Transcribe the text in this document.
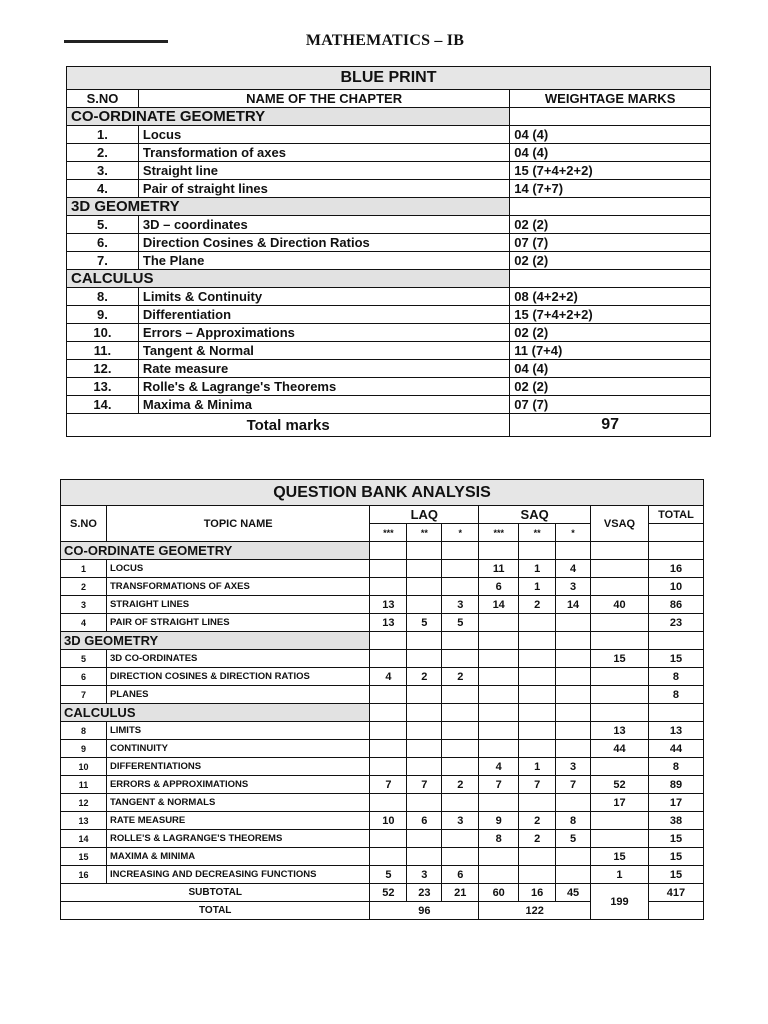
MATHEMATICS – IB
BLUE PRINT		
S.NO	NAME OF THE CHAPTER	WEIGHTAGE MARKS
CO-ORDINATE GEOMETRY		
1.	Locus	04 (4)
2.	Transformation of axes	04 (4)
3.	Straight line	15 (7+4+2+2)
4.	Pair of straight lines	14 (7+7)
3D GEOMETRY		
5.	3D – coordinates	02 (2)
6.	Direction Cosines & Direction Ratios	07 (7)
7.	The Plane	02 (2)
CALCULUS		
8.	Limits & Continuity	08 (4+2+2)
9.	Differentiation	15 (7+4+2+2)
10.	Errors – Approximations	02 (2)
11.	Tangent & Normal	11 (7+4)
12.	Rate measure	04 (4)
13.	Rolle's & Lagrange's Theorems	02 (2)
14.	Maxima & Minima	07 (7)
Total marks		97
QUESTION BANK ANALYSIS									
S.NO	TOPIC NAME	LAQ			SAQ			VSAQ	TOTAL
		***	**	*	***	**	*		
CO-ORDINATE GEOMETRY									
1	LOCUS				11	1	4		16
2	TRANSFORMATIONS OF AXES				6	1	3		10
3	STRAIGHT LINES	13		3	14	2	14	40	86
4	PAIR OF STRAIGHT LINES	13	5	5					23
3D GEOMETRY									
5	3D CO-ORDINATES							15	15
6	DIRECTION COSINES & DIRECTION RATIOS	4	2	2					8
7	PLANES								8
CALCULUS									
8	LIMITS							13	13
9	CONTINUITY							44	44
10	DIFFERENTIATIONS				4	1	3		8
11	ERRORS & APPROXIMATIONS	7	7	2	7	7	7	52	89
12	TANGENT & NORMALS							17	17
13	RATE MEASURE	10	6	3	9	2	8		38
14	ROLLE'S & LAGRANGE'S THEOREMS				8	2	5		15
15	MAXIMA & MINIMA							15	15
16	INCREASING AND DECREASING FUNCTIONS	5	3	6				1	15
SUBTOTAL		52	23	21	60	16	45	199	417
TOTAL		96			122				
